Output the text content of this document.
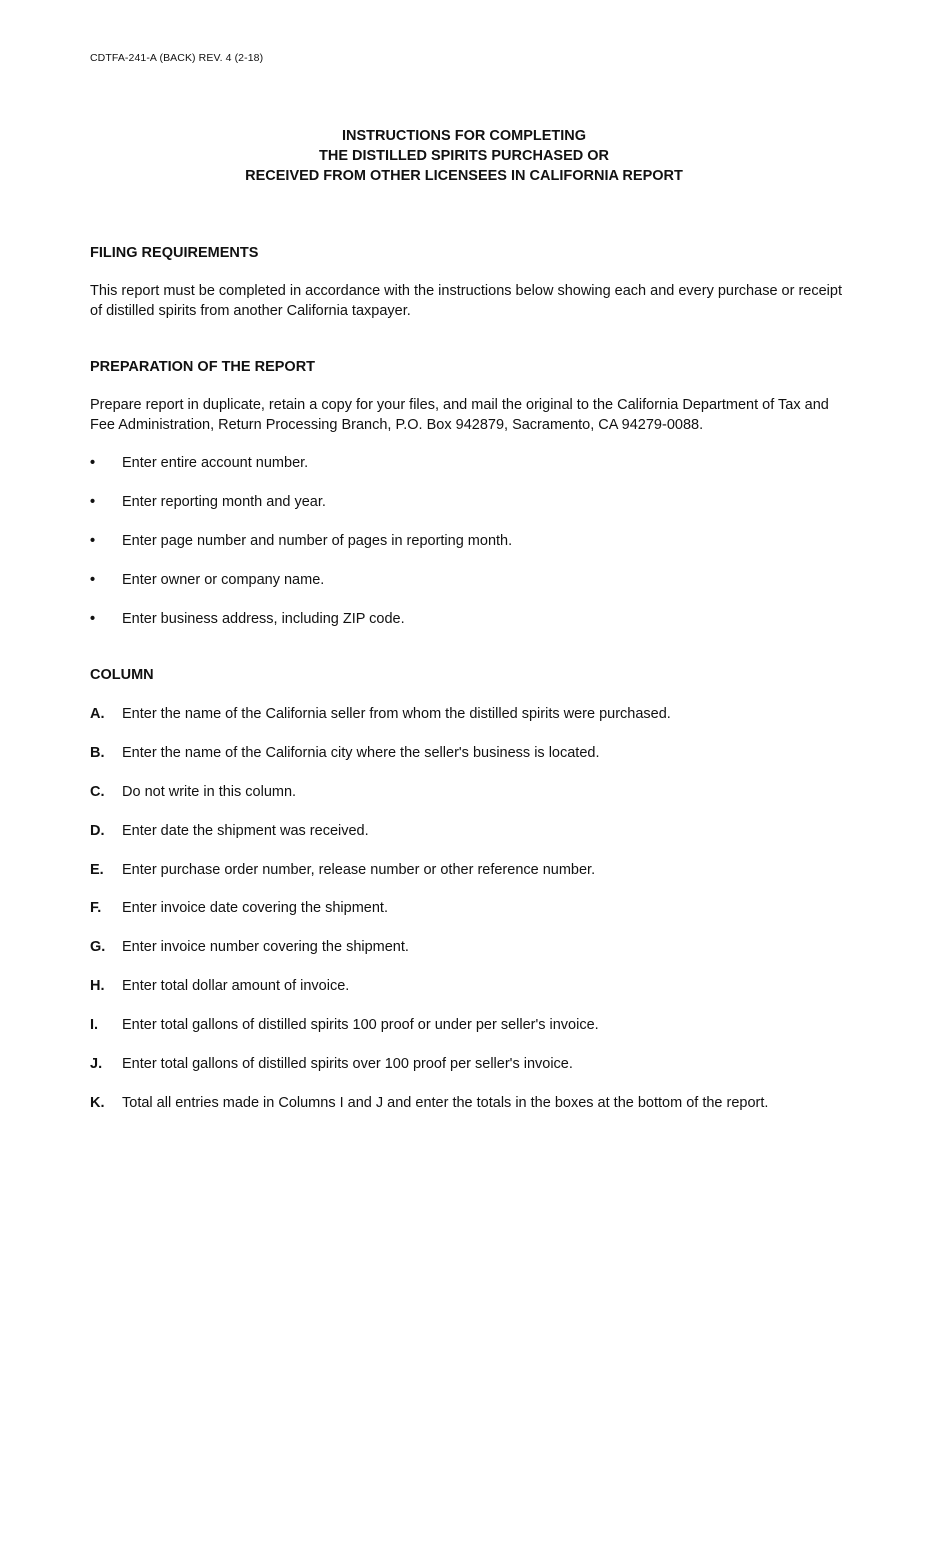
CDTFA-241-A (BACK) REV. 4 (2-18)
INSTRUCTIONS FOR COMPLETING
THE DISTILLED SPIRITS PURCHASED OR
RECEIVED FROM OTHER LICENSEES IN CALIFORNIA REPORT

FILING REQUIREMENTS

This report must be completed in accordance with the instructions below showing each and every purchase or receipt of distilled spirits from another California taxpayer.

PREPARATION OF THE REPORT

Prepare report in duplicate, retain a copy for your files, and mail the original to the California Department of Tax and Fee Administration, Return Processing Branch, P.O. Box 942879, Sacramento, CA 94279-0088.

•	Enter entire account number.
•	Enter reporting month and year.
•	Enter page number and number of pages in reporting month.
•	Enter owner or company name.
•	Enter business address, including ZIP code.

COLUMN

A.	Enter the name of the California seller from whom the distilled spirits were purchased.
B.	Enter the name of the California city where the seller's business is located.
C.	Do not write in this column.
D.	Enter date the shipment was received.
E.	Enter purchase order number, release number or other reference number.
F.	Enter invoice date covering the shipment.
G.	Enter invoice number covering the shipment.
H.	Enter total dollar amount of invoice.
I.	Enter total gallons of distilled spirits 100 proof or under per seller's invoice.
J.	Enter total gallons of distilled spirits over 100 proof per seller's invoice.
K.	Total all entries made in Columns I and J and enter the totals in the boxes at the bottom of the report.
